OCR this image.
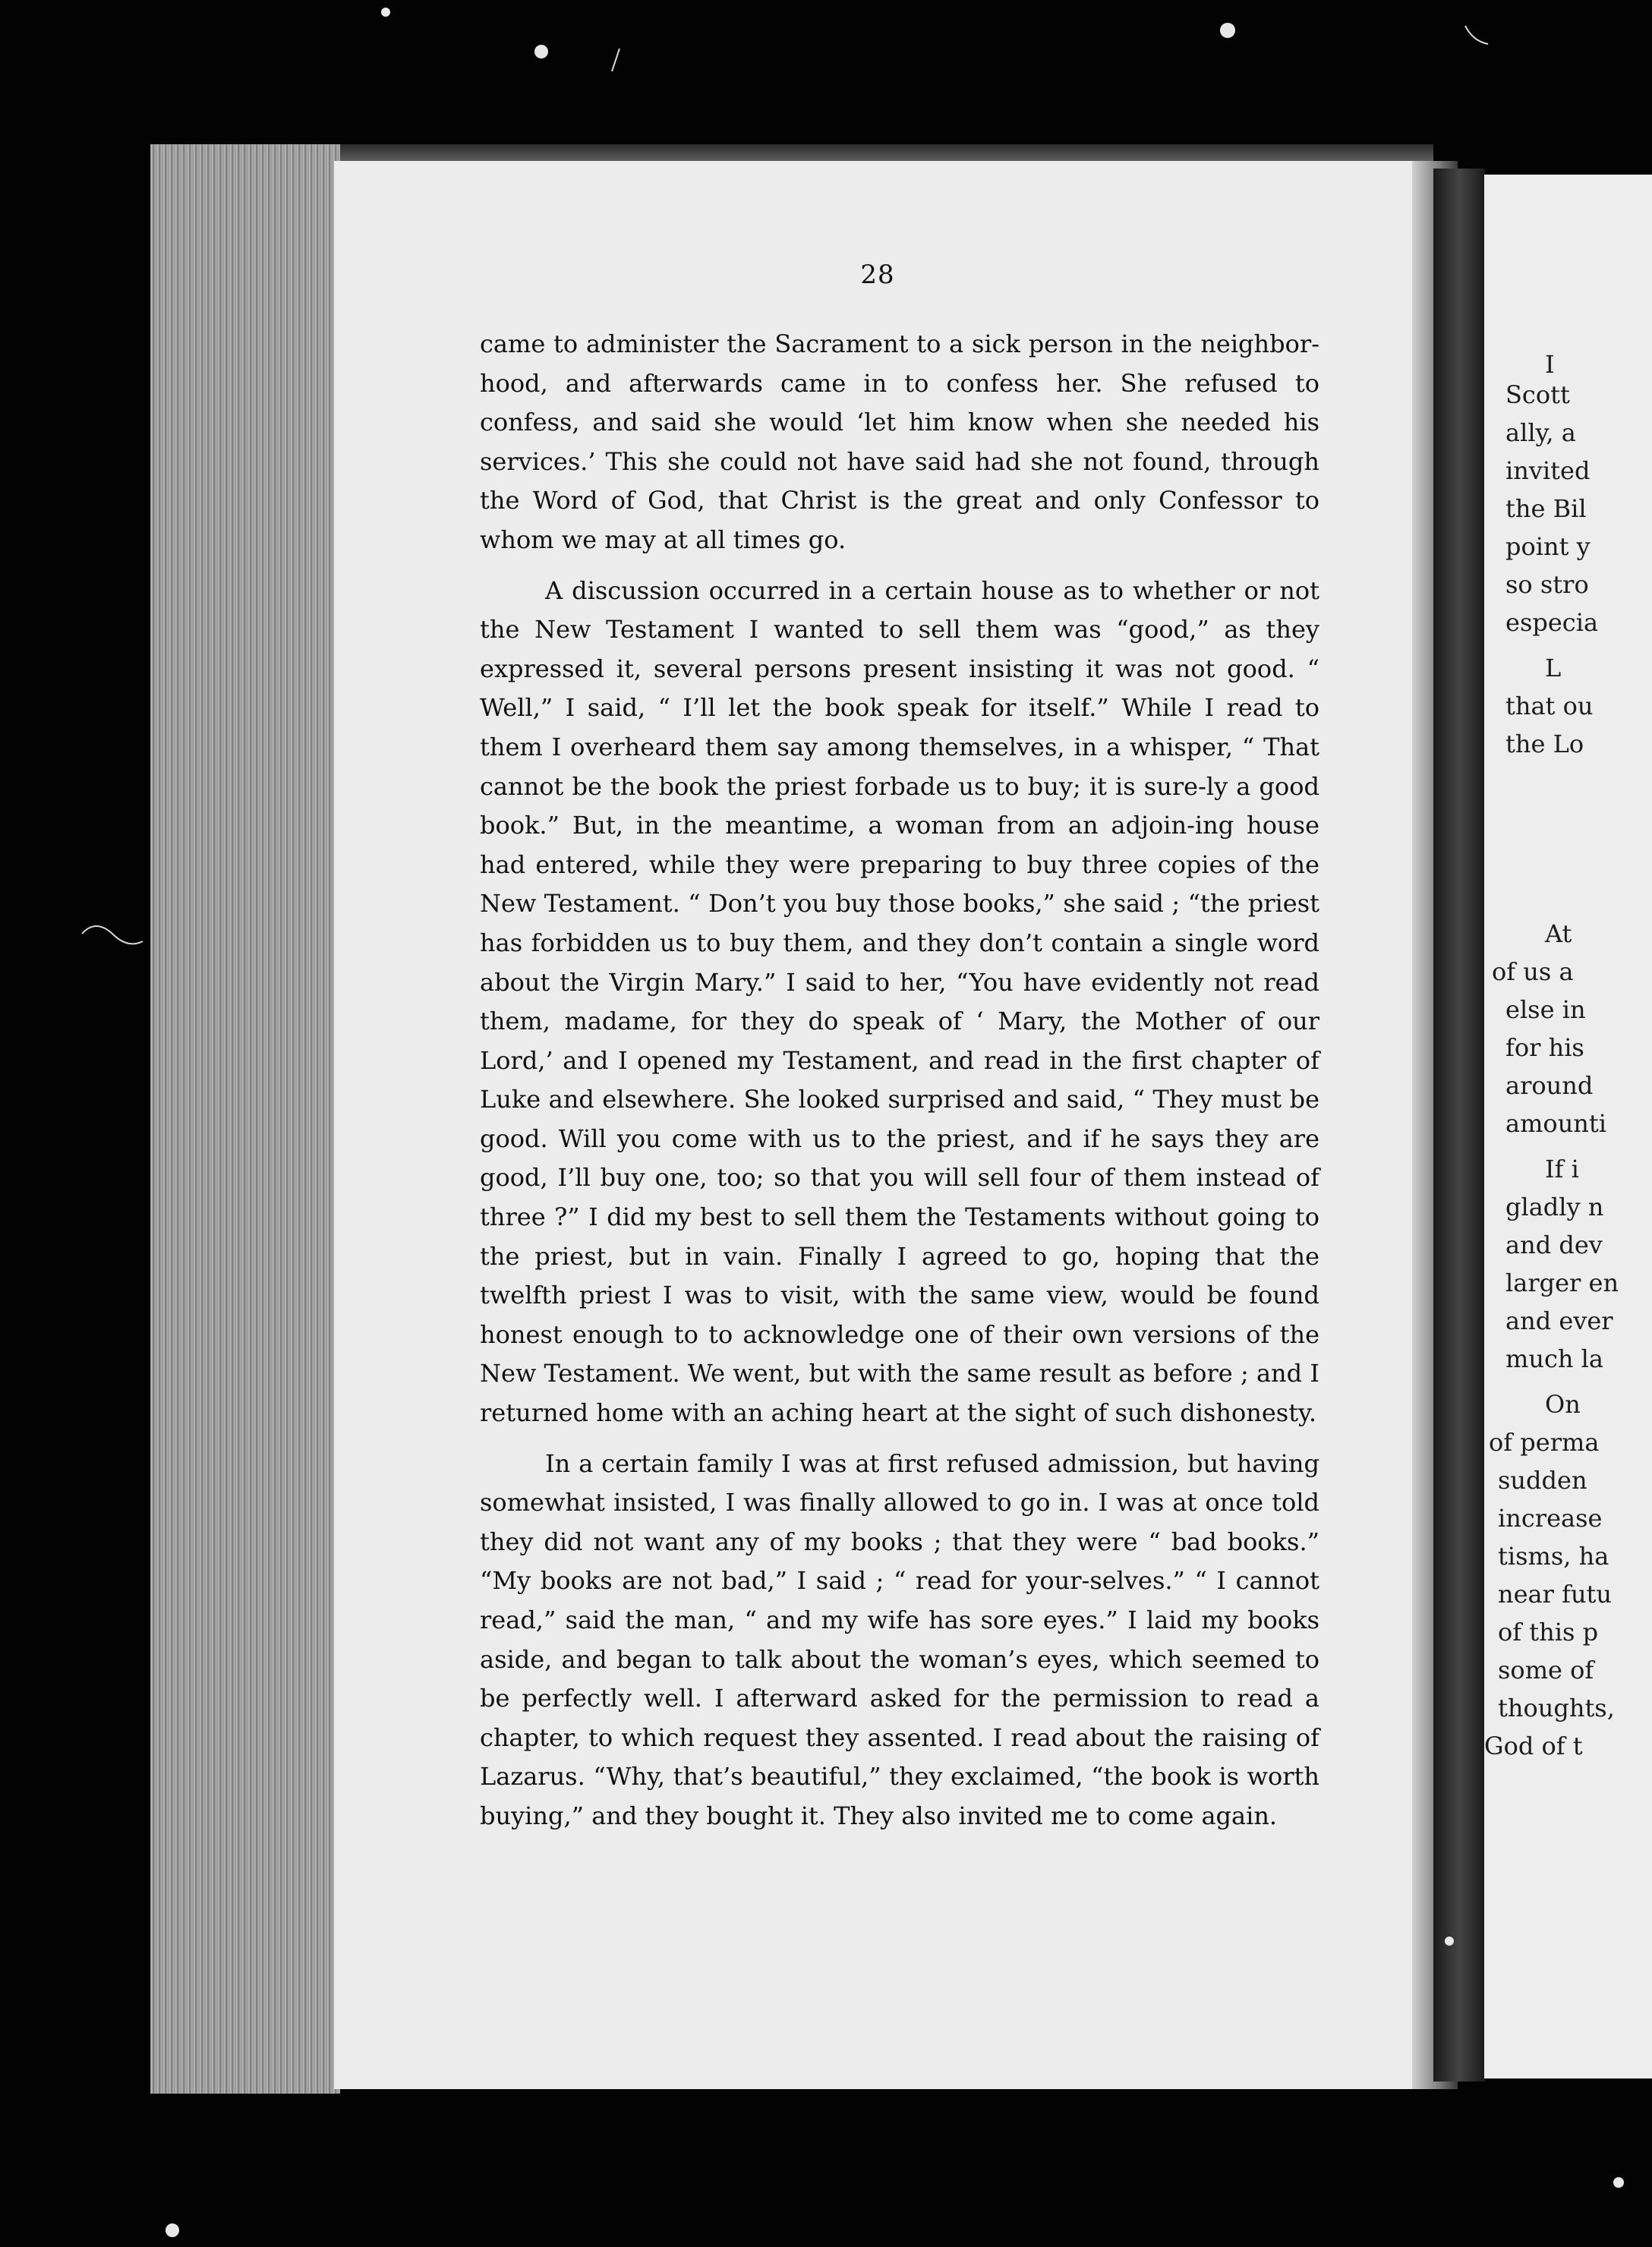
28

came to administer the Sacrament to a sick person in the neighbor-hood, and afterwards came in to confess her. She refused to confess, and said she would ‘let him know when she needed his services.’ This she could not have said had she not found, through the Word of God, that Christ is the great and only Confessor to whom we may at all times go.

A discussion occurred in a certain house as to whether or not the New Testament I wanted to sell them was “good,” as they expressed it, several persons present insisting it was not good. “ Well,” I said, “ I’ll let the book speak for itself.” While I read to them I overheard them say among themselves, in a whisper, “ That cannot be the book the priest forbade us to buy; it is sure-ly a good book.” But, in the meantime, a woman from an adjoin-ing house had entered, while they were preparing to buy three copies of the New Testament. “ Don’t you buy those books,” she said ; “the priest has forbidden us to buy them, and they don’t contain a single word about the Virgin Mary.” I said to her, “You have evidently not read them, madame, for they do speak of ‘ Mary, the Mother of our Lord,’ and I opened my Testament, and read in the first chapter of Luke and elsewhere. She looked surprised and said, “ They must be good. Will you come with us to the priest, and if he says they are good, I’ll buy one, too; so that you will sell four of them instead of three ?” I did my best to sell them the Testaments without going to the priest, but in vain. Finally I agreed to go, hoping that the twelfth priest I was to visit, with the same view, would be found honest enough to to acknowledge one of their own versions of the New Testament. We went, but with the same result as before ; and I returned home with an aching heart at the sight of such dishonesty.

In a certain family I was at first refused admission, but having somewhat insisted, I was finally allowed to go in. I was at once told they did not want any of my books ; that they were “ bad books.” “My books are not bad,” I said ; “ read for your-selves.” “ I cannot read,” said the man, “ and my wife has sore eyes.” I laid my books aside, and began to talk about the woman’s eyes, which seemed to be perfectly well. I afterward asked for the permission to read a chapter, to which request they assented. I read about the raising of Lazarus. “Why, that’s beautiful,” they exclaimed, “the book is worth buying,” and they bought it. They also invited me to come again.

I
Scott
ally, a
invited
the Bil
point y
so stro
especia
L
that ou
the Lo
At
of us a
else in
for his
around
amounti
If i
gladly n
and dev
larger en
and ever
much la
On
of perma
sudden
increase
tisms, ha
near futu
of this p
some of
thoughts,
God of t
